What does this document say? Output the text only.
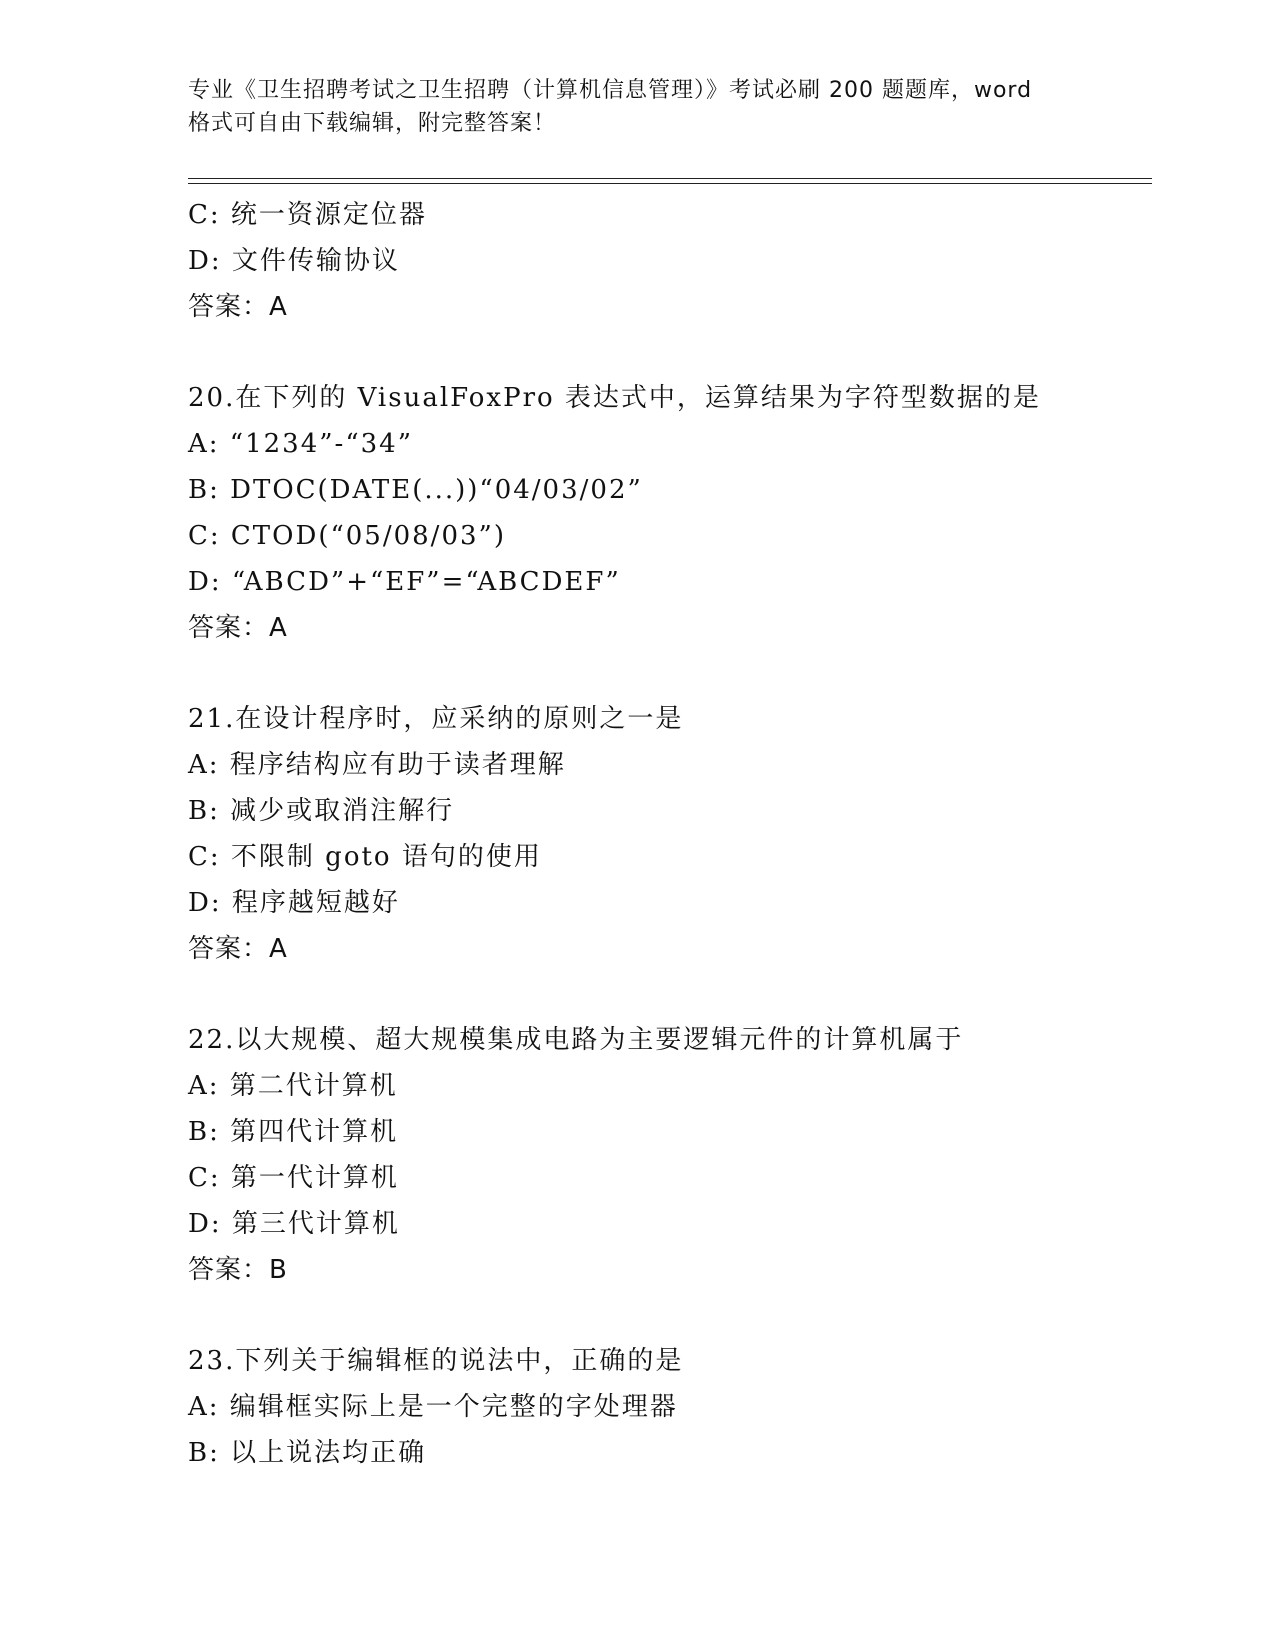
专业《卫生招聘考试之卫生招聘（计算机信息管理）》考试必刷 200 题题库，word
格式可自由下载编辑，附完整答案！
C: 统一资源定位器
D: 文件传输协议
答案：A
20.在下列的 VisualFoxPro 表达式中，运算结果为字符型数据的是
A: “1234”-“34”
B: DTOC(DATE(...))“04/03/02”
C: CTOD(“05/08/03”)
D: “ABCD”+“EF”=“ABCDEF”
答案：A
21.在设计程序时，应采纳的原则之一是
A: 程序结构应有助于读者理解
B: 减少或取消注解行
C: 不限制 goto 语句的使用
D: 程序越短越好
答案：A
22.以大规模、超大规模集成电路为主要逻辑元件的计算机属于
A: 第二代计算机
B: 第四代计算机
C: 第一代计算机
D: 第三代计算机
答案：B
23.下列关于编辑框的说法中，正确的是
A: 编辑框实际上是一个完整的字处理器
B: 以上说法均正确
